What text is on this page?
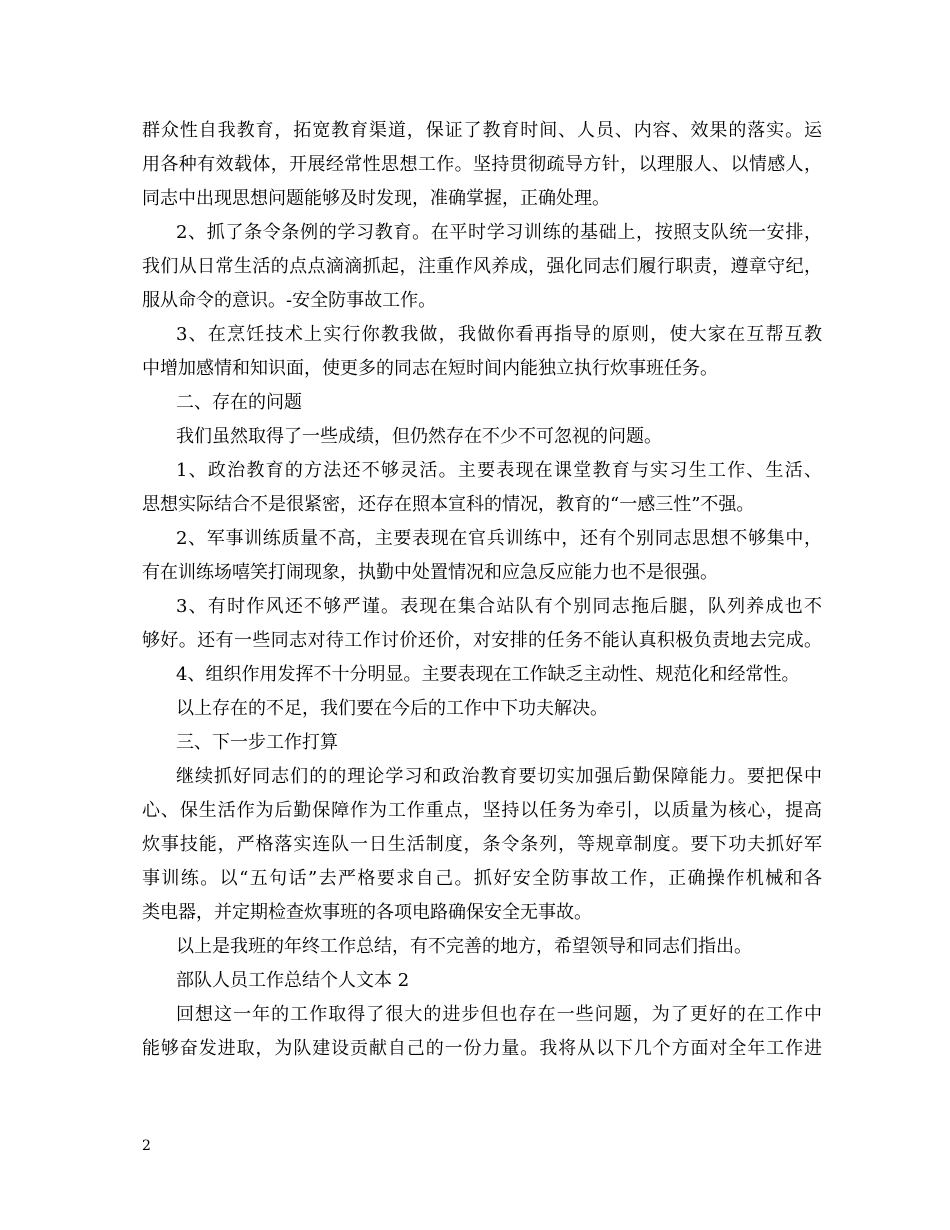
群众性自我教育，拓宽教育渠道，保证了教育时间、人员、内容、效果的落实。运
用各种有效载体，开展经常性思想工作。坚持贯彻疏导方针，以理服人、以情感人，
同志中出现思想问题能够及时发现，准确掌握，正确处理。
2、抓了条令条例的学习教育。在平时学习训练的基础上，按照支队统一安排，
我们从日常生活的点点滴滴抓起，注重作风养成，强化同志们履行职责，遵章守纪，
服从命令的意识。-安全防事故工作。
3、在烹饪技术上实行你教我做，我做你看再指导的原则，使大家在互帮互教
中增加感情和知识面，使更多的同志在短时间内能独立执行炊事班任务。
二、存在的问题
我们虽然取得了一些成绩，但仍然存在不少不可忽视的问题。
1、政治教育的方法还不够灵活。主要表现在课堂教育与实习生工作、生活、
思想实际结合不是很紧密，还存在照本宣科的情况，教育的“一感三性”不强。
2、军事训练质量不高，主要表现在官兵训练中，还有个别同志思想不够集中，
有在训练场嘻笑打闹现象，执勤中处置情况和应急反应能力也不是很强。
3、有时作风还不够严谨。表现在集合站队有个别同志拖后腿，队列养成也不
够好。还有一些同志对待工作讨价还价，对安排的任务不能认真积极负责地去完成。
4、组织作用发挥不十分明显。主要表现在工作缺乏主动性、规范化和经常性。
以上存在的不足，我们要在今后的工作中下功夫解决。
三、下一步工作打算
继续抓好同志们的的理论学习和政治教育要切实加强后勤保障能力。要把保中
心、保生活作为后勤保障作为工作重点，坚持以任务为牵引，以质量为核心，提高
炊事技能，严格落实连队一日生活制度，条令条列，等规章制度。要下功夫抓好军
事训练。以“五句话”去严格要求自己。抓好安全防事故工作，正确操作机械和各
类电器，并定期检查炊事班的各项电路确保安全无事故。
以上是我班的年终工作总结，有不完善的地方，希望领导和同志们指出。
部队人员工作总结个人文本 2
回想这一年的工作取得了很大的进步但也存在一些问题，为了更好的在工作中
能够奋发进取，为队建设贡献自己的一份力量。我将从以下几个方面对全年工作进
2
